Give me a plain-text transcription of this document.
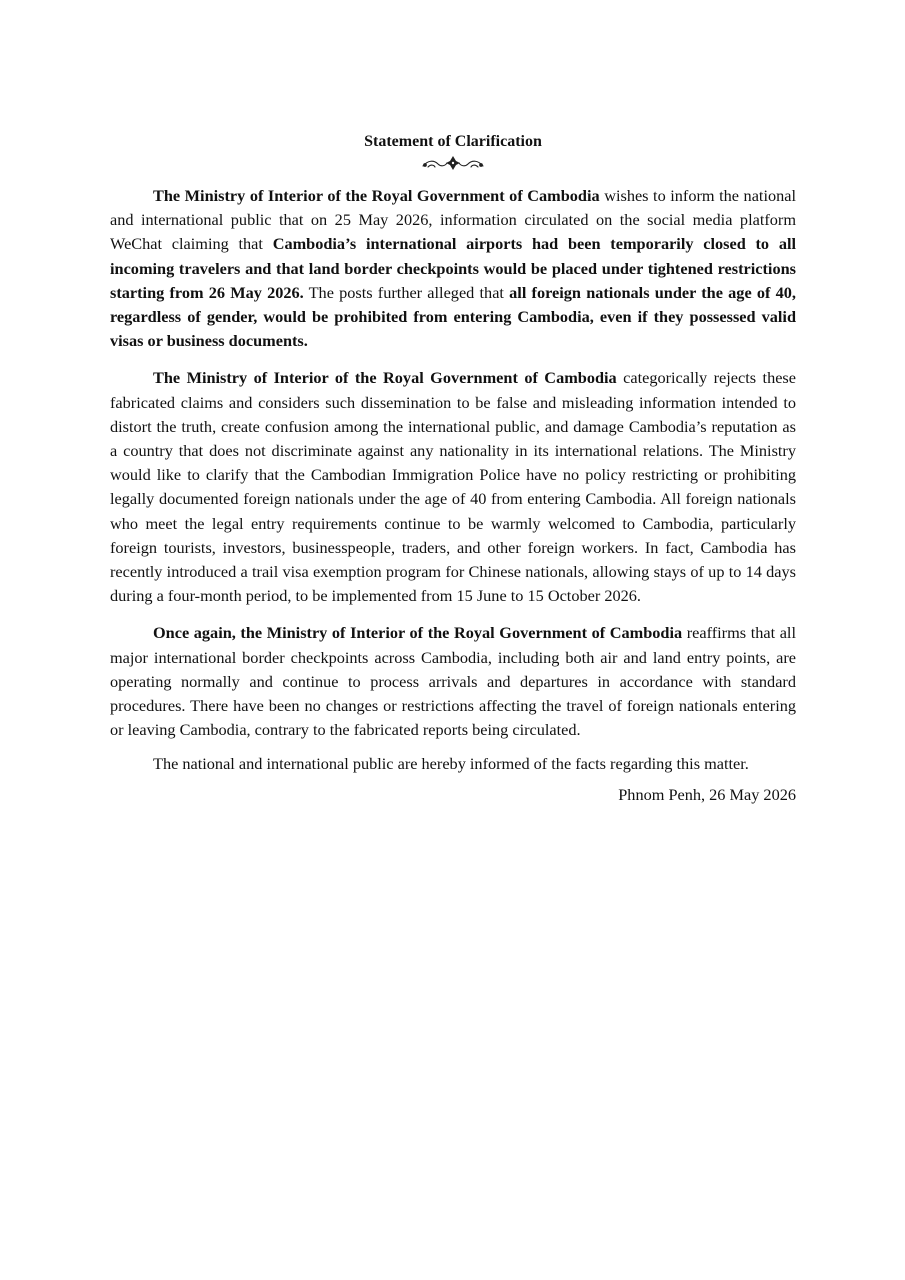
Statement of Clarification

The Ministry of Interior of the Royal Government of Cambodia wishes to inform the national and international public that on 25 May 2026, information circulated on the social media platform WeChat claiming that Cambodia’s international airports had been temporarily closed to all incoming travelers and that land border checkpoints would be placed under tightened restrictions starting from 26 May 2026. The posts further alleged that all foreign nationals under the age of 40, regardless of gender, would be prohibited from entering Cambodia, even if they possessed valid visas or business documents.

The Ministry of Interior of the Royal Government of Cambodia categorically rejects these fabricated claims and considers such dissemination to be false and misleading information intended to distort the truth, create confusion among the international public, and damage Cambodia’s reputation as a country that does not discriminate against any nationality in its international relations. The Ministry would like to clarify that the Cambodian Immigration Police have no policy restricting or prohibiting legally documented foreign nationals under the age of 40 from entering Cambodia. All foreign nationals who meet the legal entry requirements continue to be warmly welcomed to Cambodia, particularly foreign tourists, investors, businesspeople, traders, and other foreign workers. In fact, Cambodia has recently introduced a trail visa exemption program for Chinese nationals, allowing stays of up to 14 days during a four-month period, to be implemented from 15 June to 15 October 2026.

Once again, the Ministry of Interior of the Royal Government of Cambodia reaffirms that all major international border checkpoints across Cambodia, including both air and land entry points, are operating normally and continue to process arrivals and departures in accordance with standard procedures. There have been no changes or restrictions affecting the travel of foreign nationals entering or leaving Cambodia, contrary to the fabricated reports being circulated.

The national and international public are hereby informed of the facts regarding this matter.

Phnom Penh, 26 May 2026
